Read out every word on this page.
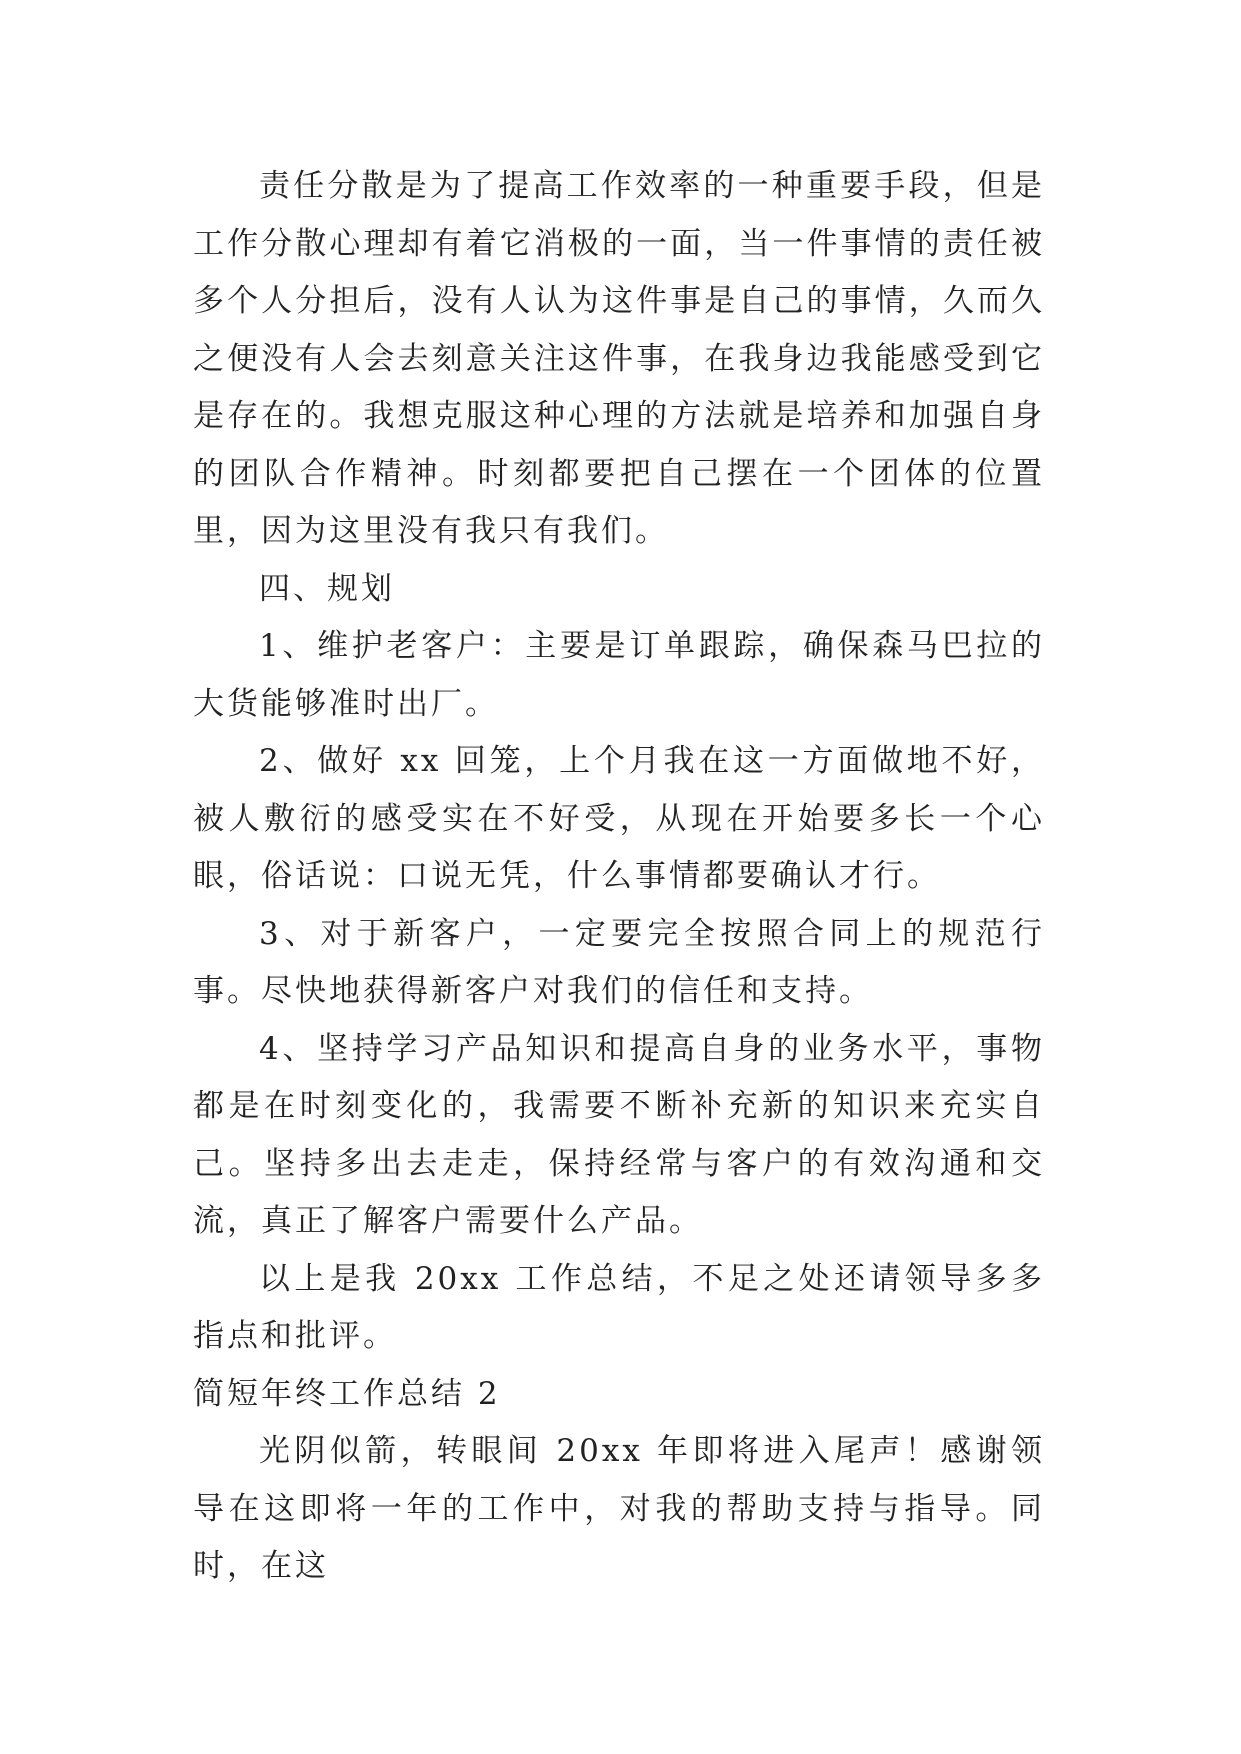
责任分散是为了提高工作效率的一种重要手段，但是工作分散心理却有着它消极的一面，当一件事情的责任被多个人分担后，没有人认为这件事是自己的事情，久而久之便没有人会去刻意关注这件事，在我身边我能感受到它是存在的。我想克服这种心理的方法就是培养和加强自身的团队合作精神。时刻都要把自己摆在一个团体的位置里，因为这里没有我只有我们。

四、规划

1、维护老客户：主要是订单跟踪，确保森马巴拉的大货能够准时出厂。

2、做好 xx 回笼，上个月我在这一方面做地不好，被人敷衍的感受实在不好受，从现在开始要多长一个心眼，俗话说：口说无凭，什么事情都要确认才行。

3、对于新客户，一定要完全按照合同上的规范行事。尽快地获得新客户对我们的信任和支持。

4、坚持学习产品知识和提高自身的业务水平，事物都是在时刻变化的，我需要不断补充新的知识来充实自己。坚持多出去走走，保持经常与客户的有效沟通和交流，真正了解客户需要什么产品。

以上是我 20xx 工作总结，不足之处还请领导多多指点和批评。

简短年终工作总结 2

光阴似箭，转眼间 20xx 年即将进入尾声！感谢领导在这即将一年的工作中，对我的帮助支持与指导。同时，在这
